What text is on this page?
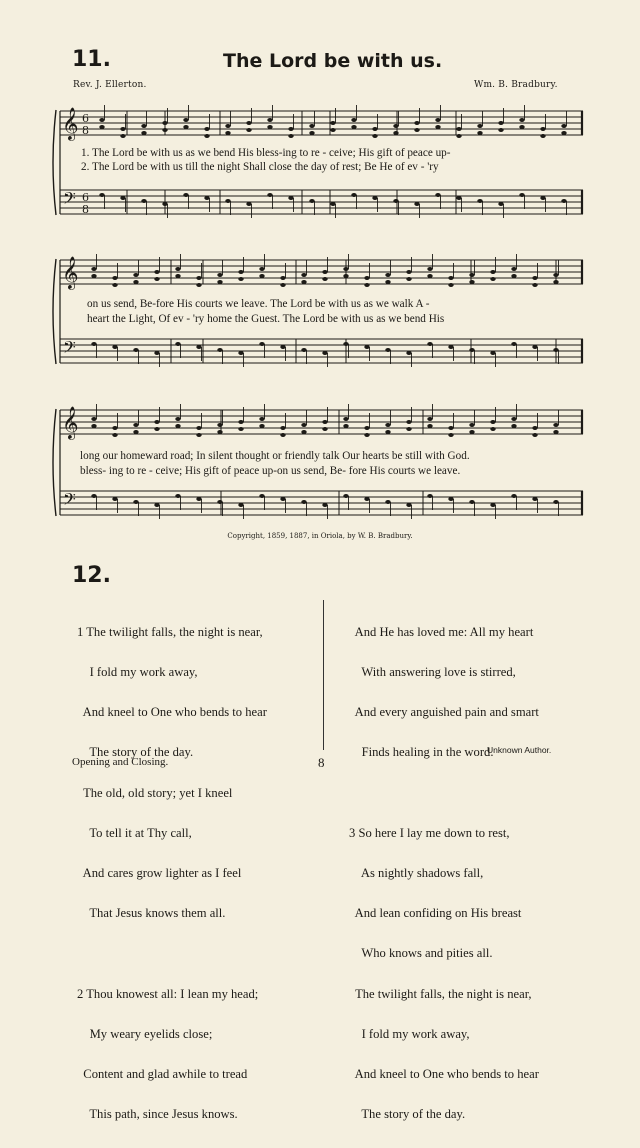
11.	The Lord be with us.
Rev. J. Ellerton.	Wm. B. Bradbury.
𝄞
𝄢
6
8
6
8
𝄞
𝄢
𝄞
𝄢
1. The Lord be with us as we bend His bless-ing to re - ceive; His gift of peace up-
2. The Lord be with us till the night Shall close the day of rest; Be He of ev - 'ry
on us send, Be-fore His courts we leave. The Lord be with us as we walk A -
heart the Light, Of ev - 'ry home the Guest. The Lord be with us as we bend His
long our homeward road; In silent thought or friendly talk Our hearts be still with God.
bless- ing to re - ceive; His gift of peace up-on us send, Be- fore His courts we leave.
Copyright, 1859, 1887, in Oriola, by W. B. Bradbury.
12.

1 The twilight falls, the night is near,

I fold my work away,

And kneel to One who bends to hear

The story of the day.

The old, old story; yet I kneel

To tell it at Thy call,

And cares grow lighter as I feel

That Jesus knows them all.

2 Thou knowest all: I lean my head;

My weary eyelids close;

Content and glad awhile to tread

This path, since Jesus knows.

And He has loved me: All my heart

With answering love is stirred,

And every anguished pain and smart

Finds healing in the word.

3 So here I lay me down to rest,

As nightly shadows fall,

And lean confiding on His breast

Who knows and pities all.

The twilight falls, the night is near,

I fold my work away,

And kneel to One who bends to hear

The story of the day.

Unknown Author.
Opening and Closing.	8
